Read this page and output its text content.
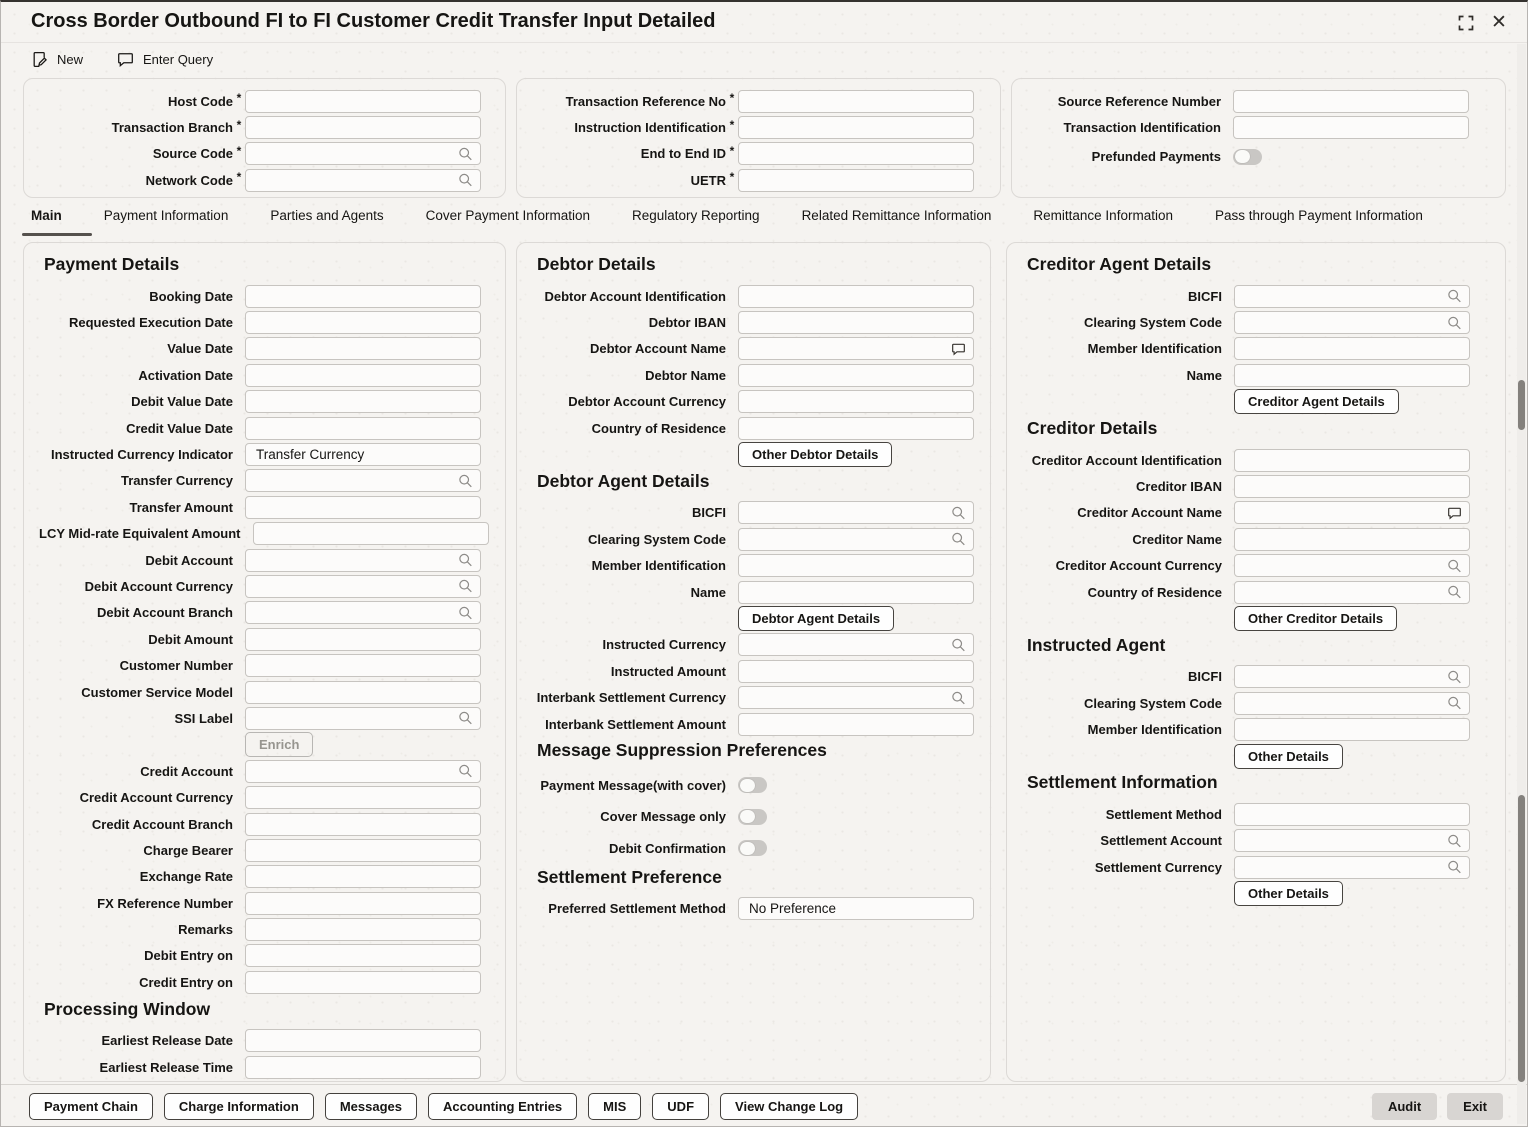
Cross Border Outbound FI to FI Customer Credit Transfer Input Detailed	✕
New	Enter Query
Host Code *
Transaction Branch *
Source Code *
Network Code *
Transaction Reference No *
Instruction Identification *
End to End ID *
UETR *
Source Reference Number
Transaction Identification
Prefunded Payments
Main	Payment Information	Parties and Agents	Cover Payment Information	Regulatory Reporting	Related Remittance Information	Remittance Information	Pass through Payment Information
Payment Details
Booking Date
Requested Execution Date
Value Date
Activation Date
Debit Value Date
Credit Value Date
Instructed Currency Indicator Transfer Currency
Transfer Currency
Transfer Amount
LCY Mid-rate Equivalent Amount
Debit Account
Debit Account Currency
Debit Account Branch
Debit Amount
Customer Number
Customer Service Model
SSI Label
Enrich
Credit Account
Credit Account Currency
Credit Account Branch
Charge Bearer
Exchange Rate
FX Reference Number
Remarks
Debit Entry on
Credit Entry on
Processing Window
Earliest Release Date
Earliest Release Time
Debtor Details
Debtor Account Identification
Debtor IBAN
Debtor Account Name
Debtor Name
Debtor Account Currency
Country of Residence
Other Debtor Details
Debtor Agent Details
BICFI
Clearing System Code
Member Identification
Name
Debtor Agent Details
Instructed Currency
Instructed Amount
Interbank Settlement Currency
Interbank Settlement Amount
Message Suppression Preferences
Payment Message(with cover)
Cover Message only
Debit Confirmation
Settlement Preference
Preferred Settlement Method No Preference
Creditor Agent Details
BICFI
Clearing System Code
Member Identification
Name
Creditor Agent Details
Creditor Details
Creditor Account Identification
Creditor IBAN
Creditor Account Name
Creditor Name
Creditor Account Currency
Country of Residence
Other Creditor Details
Instructed Agent
BICFI
Clearing System Code
Member Identification
Other Details
Settlement Information
Settlement Method
Settlement Account
Settlement Currency
Other Details
Payment Chain	Charge Information	Messages	Accounting Entries	MIS	UDF	View Change Log	Audit	Exit
